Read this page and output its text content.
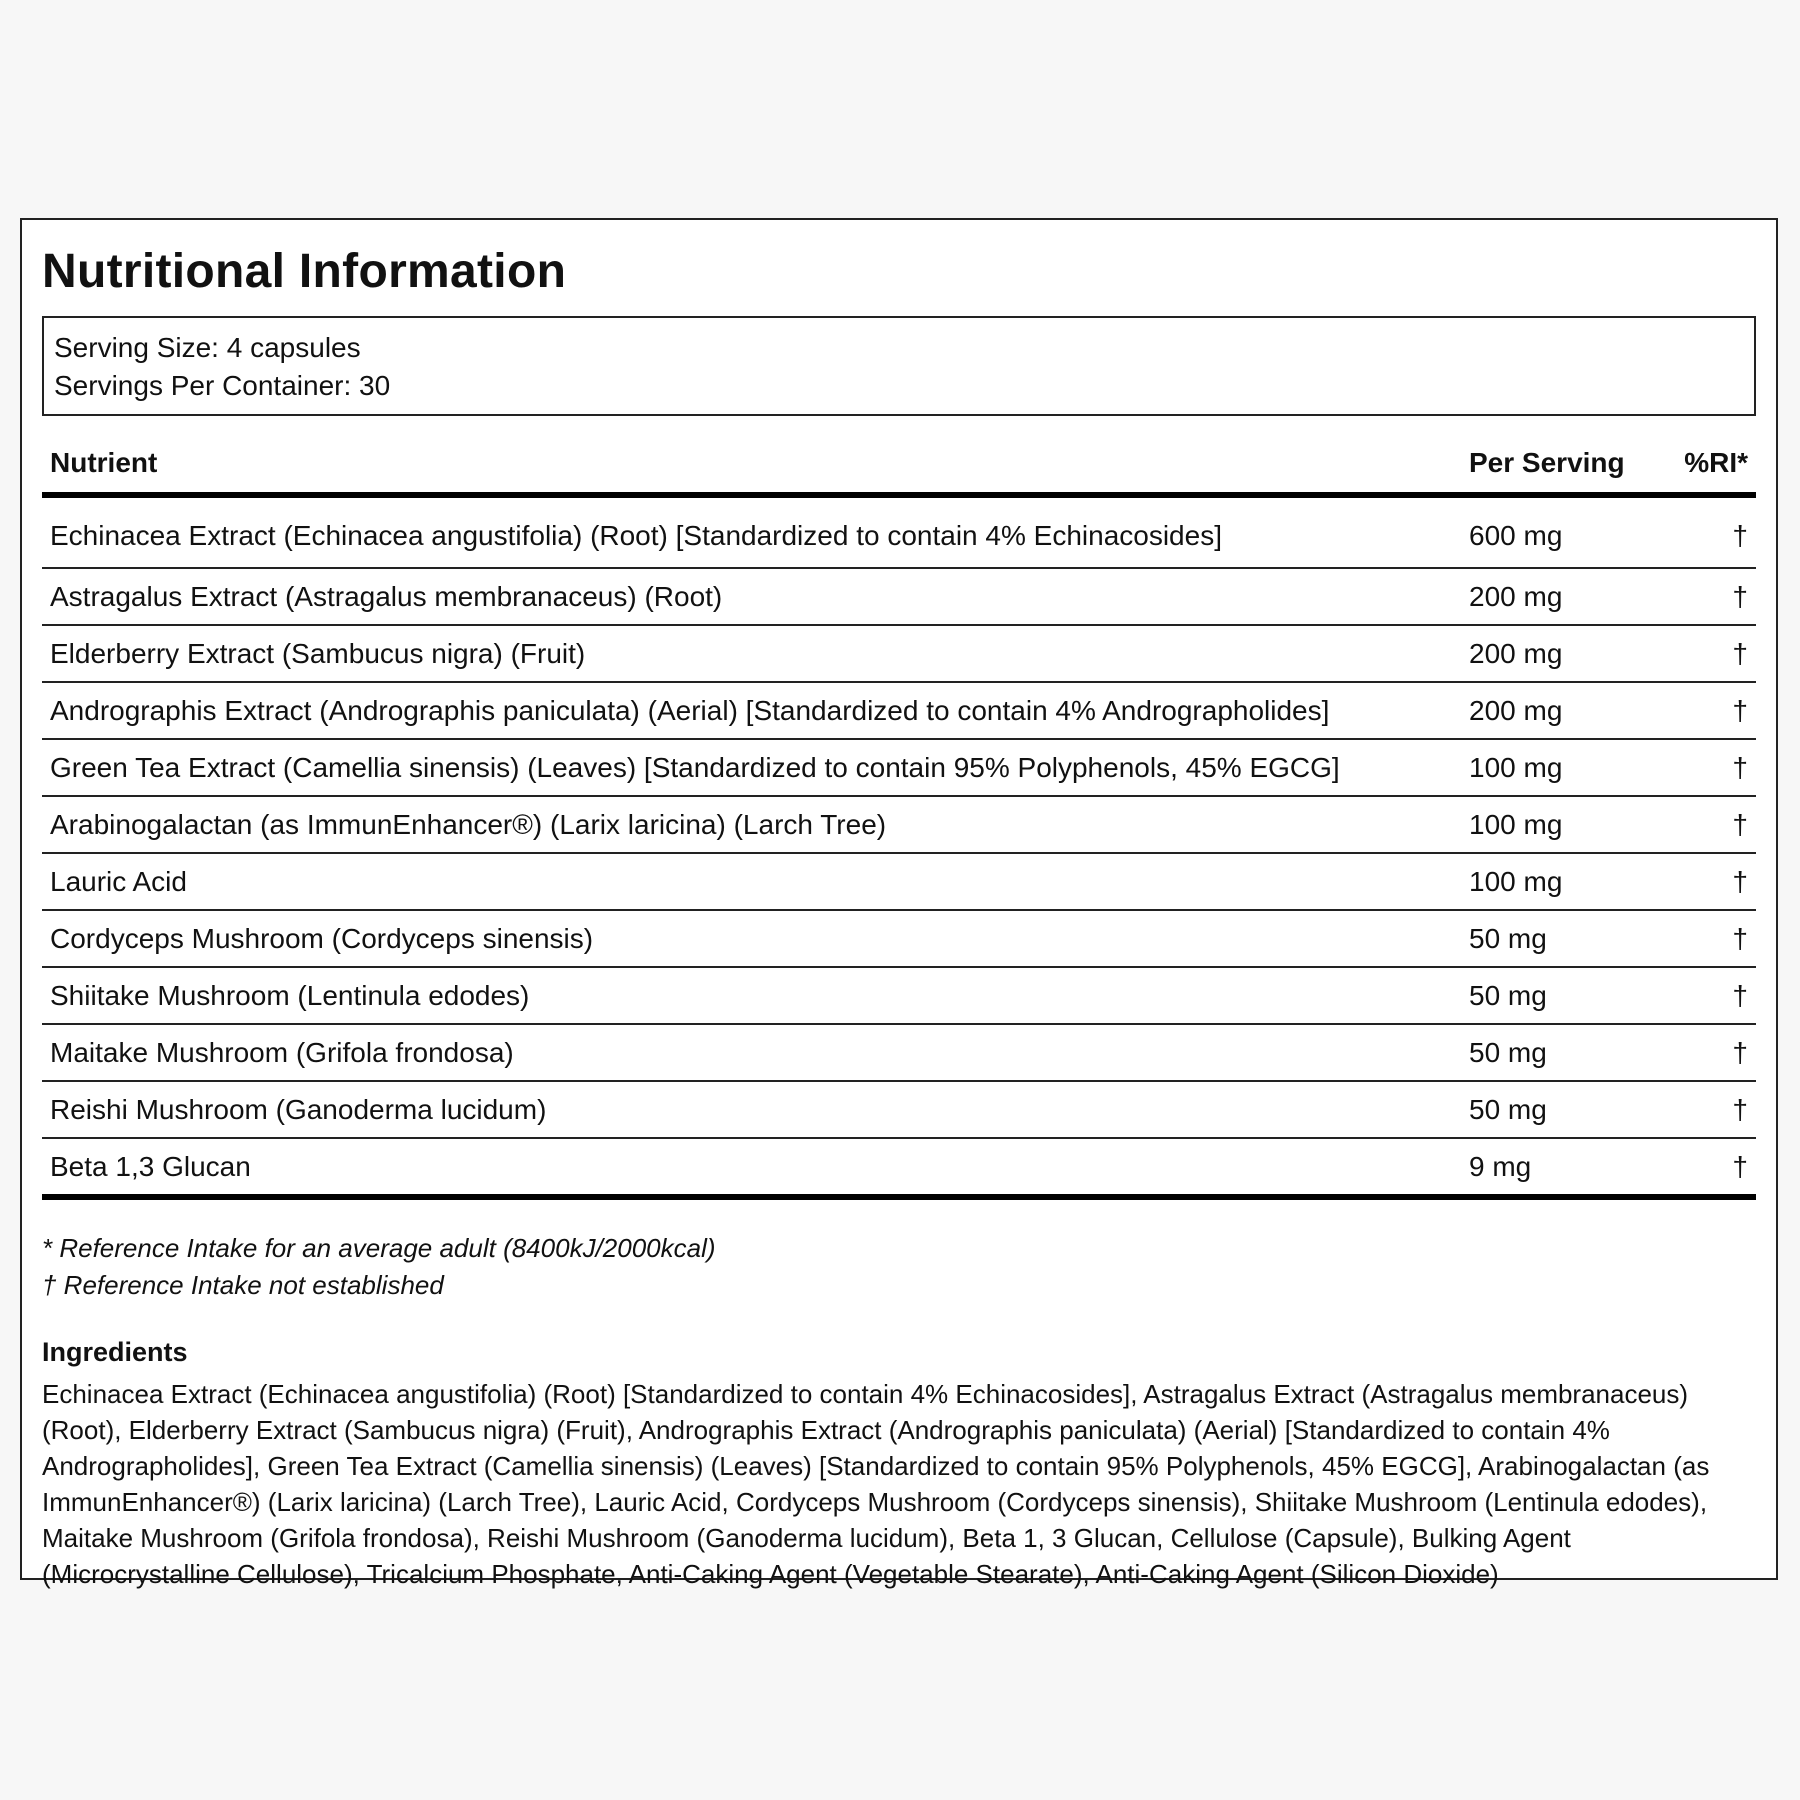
Nutritional Information
Serving Size: 4 capsules
Servings Per Container: 30
Nutrient	Per Serving	%RI*
Echinacea Extract (Echinacea angustifolia) (Root) [Standardized to contain 4% Echinacosides]	600 mg	†
Astragalus Extract (Astragalus membranaceus) (Root)	200 mg	†
Elderberry Extract (Sambucus nigra) (Fruit)	200 mg	†
Andrographis Extract (Andrographis paniculata) (Aerial) [Standardized to contain 4% Andrographolides]	200 mg	†
Green Tea Extract (Camellia sinensis) (Leaves) [Standardized to contain 95% Polyphenols, 45% EGCG]	100 mg	†
Arabinogalactan (as ImmunEnhancer®) (Larix laricina) (Larch Tree)	100 mg	†
Lauric Acid	100 mg	†
Cordyceps Mushroom (Cordyceps sinensis)	50 mg	†
Shiitake Mushroom (Lentinula edodes)	50 mg	†
Maitake Mushroom (Grifola frondosa)	50 mg	†
Reishi Mushroom (Ganoderma lucidum)	50 mg	†
Beta 1,3 Glucan	9 mg	†
* Reference Intake for an average adult (8400kJ/2000kcal)
† Reference Intake not established
Ingredients
Echinacea Extract (Echinacea angustifolia) (Root) [Standardized to contain 4% Echinacosides], Astragalus Extract (Astragalus membranaceus) (Root), Elderberry Extract (Sambucus nigra) (Fruit), Andrographis Extract (Andrographis paniculata) (Aerial) [Standardized to contain 4% Andrographolides], Green Tea Extract (Camellia sinensis) (Leaves) [Standardized to contain 95% Polyphenols, 45% EGCG], Arabinogalactan (as ImmunEnhancer®) (Larix laricina) (Larch Tree), Lauric Acid, Cordyceps Mushroom (Cordyceps sinensis), Shiitake Mushroom (Lentinula edodes), Maitake Mushroom (Grifola frondosa), Reishi Mushroom (Ganoderma lucidum), Beta 1, 3 Glucan, Cellulose (Capsule), Bulking Agent (Microcrystalline Cellulose), Tricalcium Phosphate, Anti-Caking Agent (Vegetable Stearate), Anti-Caking Agent (Silicon Dioxide)
